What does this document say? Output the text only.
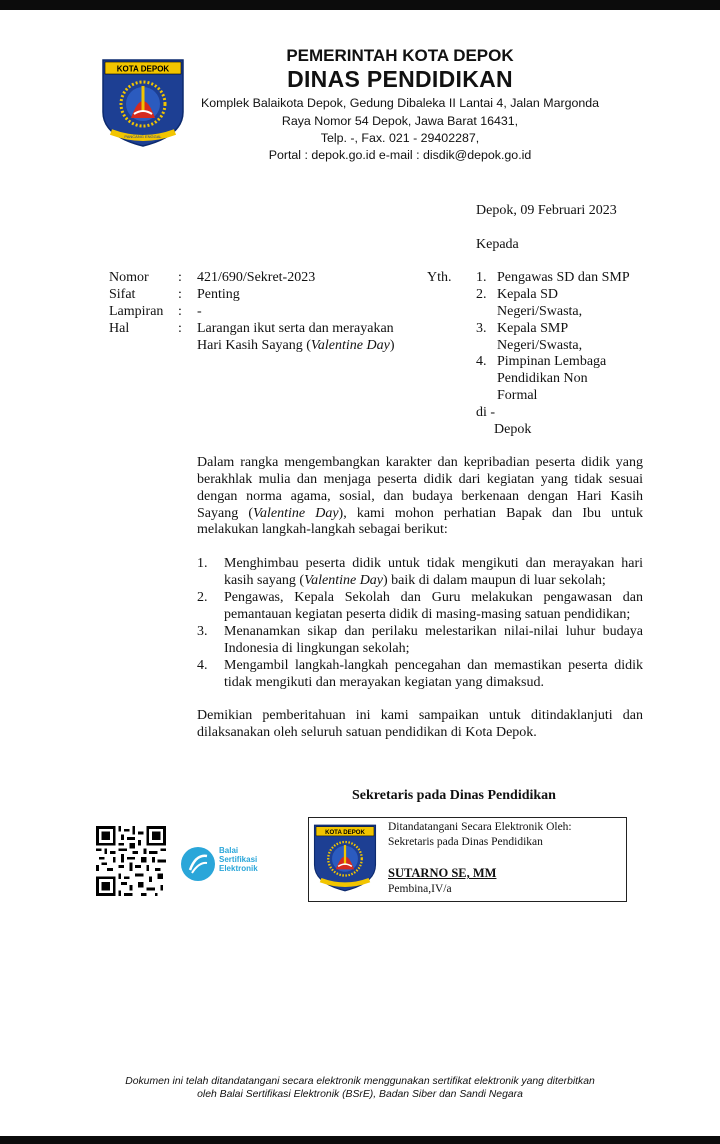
KOTA DEPOK
PANCANG ENGGAL
PEMERINTAH KOTA DEPOK
DINAS PENDIDIKAN
Komplek Balaikota Depok, Gedung Dibaleka II Lantai 4, Jalan Margonda
Raya Nomor 54 Depok, Jawa Barat 16431,
Telp. -, Fax. 021 - 29402287,
Portal : depok.go.id e-mail : disdik@depok.go.id
Depok, 09 Februari 2023
Kepada
Nomor : 421/690/Sekret-2023
Sifat	: Penting
Lampiran : -
Hal	: Larangan ikut serta dan merayakan
Hari Kasih Sayang (Valentine Day)
Yth. 1. Pengawas SD dan SMP
2. Kepala SD
Negeri/Swasta,
3. Kepala SMP
Negeri/Swasta,
4. Pimpinan Lembaga
Pendidikan Non
Formal
di -
Depok
Dalam rangka mengembangkan karakter dan kepribadian peserta didik yang
berakhlak mulia dan menjaga peserta didik dari kegiatan yang tidak sesuai
dengan norma agama, sosial, dan budaya berkenaan dengan Hari Kasih
Sayang (Valentine Day), kami mohon perhatian Bapak dan Ibu untuk
melakukan langkah-langkah sebagai berikut:
1. Menghimbau peserta didik untuk tidak mengikuti dan merayakan hari
kasih sayang (Valentine Day) baik di dalam maupun di luar sekolah;
2. Pengawas, Kepala Sekolah dan Guru melakukan pengawasan dan
pemantauan kegiatan peserta didik di masing-masing satuan pendidikan;
3. Menanamkan sikap dan perilaku melestarikan nilai-nilai luhur budaya
Indonesia di lingkungan sekolah;
4. Mengambil langkah-langkah pencegahan dan memastikan peserta didik
tidak mengikuti dan merayakan kegiatan yang dimaksud.
Demikian pemberitahuan ini kami sampaikan untuk ditindaklanjuti dan
dilaksanakan oleh seluruh satuan pendidikan di Kota Depok.
Sekretaris pada Dinas Pendidikan
Balai
Sertifikasi
Elektronik
KOTA DEPOK Ditandatangani Secara Elektronik Oleh:
Sekretaris pada Dinas Pendidikan
SUTARNO SE, MM
Pembina,IV/a
Dokumen ini telah ditandatangani secara elektronik menggunakan sertifikat elektronik yang diterbitkan
oleh Balai Sertifikasi Elektronik (BSrE), Badan Siber dan Sandi Negara
